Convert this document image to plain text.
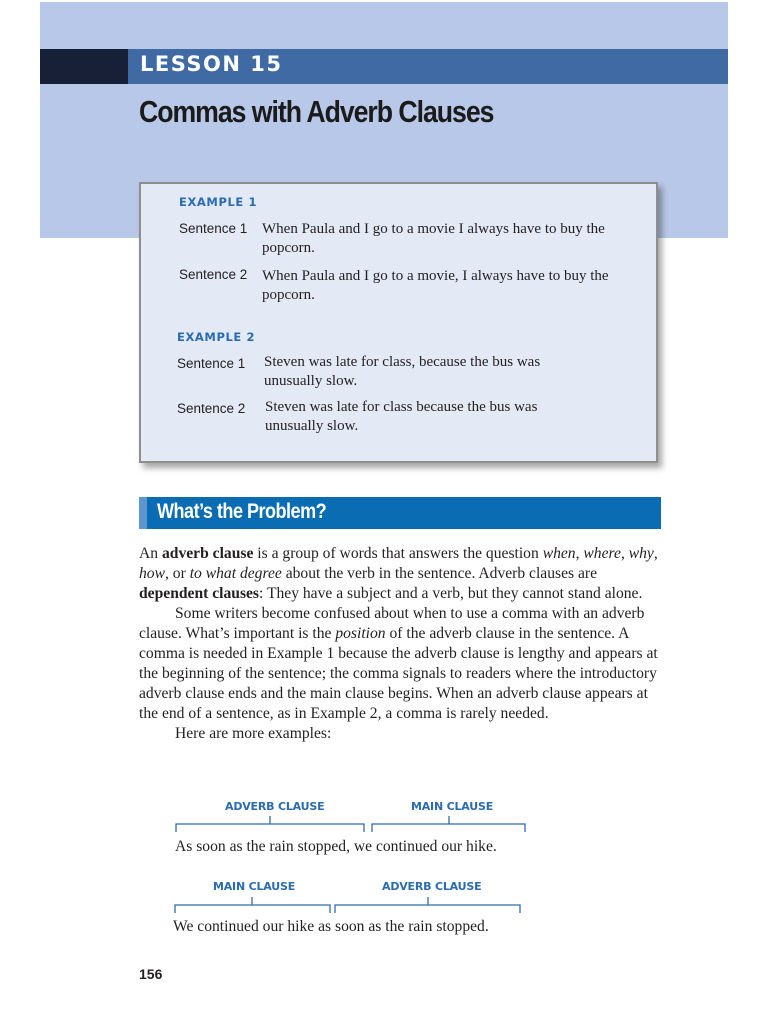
LESSON 15
Commas with Adverb Clauses
EXAMPLE 1
Sentence 1 When Paula and I go to a movie I always have to buy the popcorn.
Sentence 2 When Paula and I go to a movie, I always have to buy the popcorn.
EXAMPLE 2
Sentence 1 Steven was late for class, because the bus was unusually slow.
Sentence 2 Steven was late for class because the bus was unusually slow.
What’s the Problem?

An adverb clause is a group of words that answers the question when, where, why, how, or to what degree about the verb in the sentence. Adverb clauses are dependent clauses: They have a subject and a verb, but they cannot stand alone.

Some writers become confused about when to use a comma with an adverb clause. What’s important is the position of the adverb clause in the sentence. A comma is needed in Example 1 because the adverb clause is lengthy and appears at the beginning of the sentence; the comma signals to readers where the introductory adverb clause ends and the main clause begins. When an adverb clause appears at the end of a sentence, as in Example 2, a comma is rarely needed.

Here are more examples:

ADVERB CLAUSE	MAIN CLAUSE
As soon as the rain stopped, we continued our hike.
MAIN CLAUSE	ADVERB CLAUSE
We continued our hike as soon as the rain stopped.
156
